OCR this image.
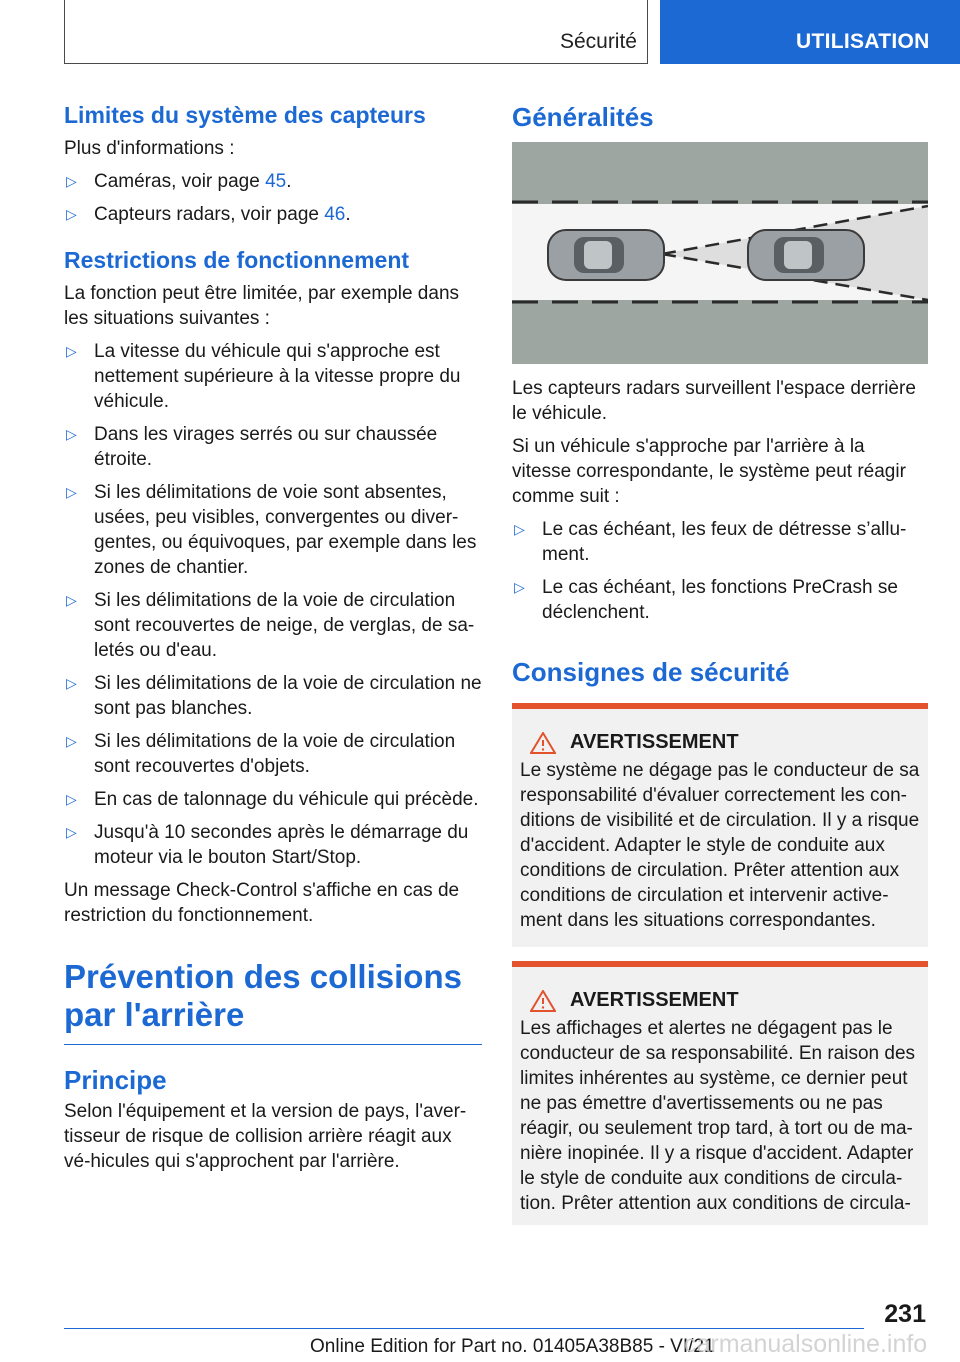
Sécurité	UTILISATION
Limites du système des capteurs

Plus d'informations :

▷ Caméras, voir page 45.
▷ Capteurs radars, voir page 46.
Restrictions de fonctionnement

La fonction peut être limitée, par exemple dans les situations suivantes :

▷ La vitesse du véhicule qui s'approche est nettement supérieure à la vitesse propre du véhicule.
▷ Dans les virages serrés ou sur chaussée étroite.
▷ Si les délimitations de voie sont absentes, usées, peu visibles, convergentes ou diver-gentes, ou équivoques, par exemple dans les zones de chantier.
▷ Si les délimitations de la voie de circulation sont recouvertes de neige, de verglas, de sa-letés ou d'eau.
▷ Si les délimitations de la voie de circulation ne sont pas blanches.
▷ Si les délimitations de la voie de circulation sont recouvertes d'objets.
▷ En cas de talonnage du véhicule qui précède.
▷ Jusqu'à 10 secondes après le démarrage du moteur via le bouton Start/Stop.

Un message Check-Control s'affiche en cas de restriction du fonctionnement.

Prévention des collisions par l'arrière
Principe

Selon l'équipement et la version de pays, l'aver-tisseur de risque de collision arrière réagit aux vé-hicules qui s'approchent par l'arrière.

Généralités

Les capteurs radars surveillent l'espace derrière le véhicule.

Si un véhicule s'approche par l'arrière à la vitesse correspondante, le système peut réagir comme suit :

▷ Le cas échéant, les feux de détresse s’allu-ment.
▷ Le cas échéant, les fonctions PreCrash se déclenchent.
Consignes de sécurité
AVERTISSEMENT

Le système ne dégage pas le conducteur de sa responsabilité d'évaluer correctement les con-ditions de visibilité et de circulation. Il y a risque d'accident. Adapter le style de conduite aux conditions de circulation. Prêter attention aux conditions de circulation et intervenir active-ment dans les situations correspondantes.

AVERTISSEMENT

Les affichages et alertes ne dégagent pas le conducteur de sa responsabilité. En raison des limites inhérentes au système, ce dernier peut ne pas émettre d'avertissements ou ne pas réagir, ou seulement trop tard, à tort ou de ma-nière inopinée. Il y a risque d'accident. Adapter le style de conduite aux conditions de circula-tion. Prêter attention aux conditions de circula-

231
Online Edition for Part no. 01405A38B85 - VI/21
carmanualsonline.info
